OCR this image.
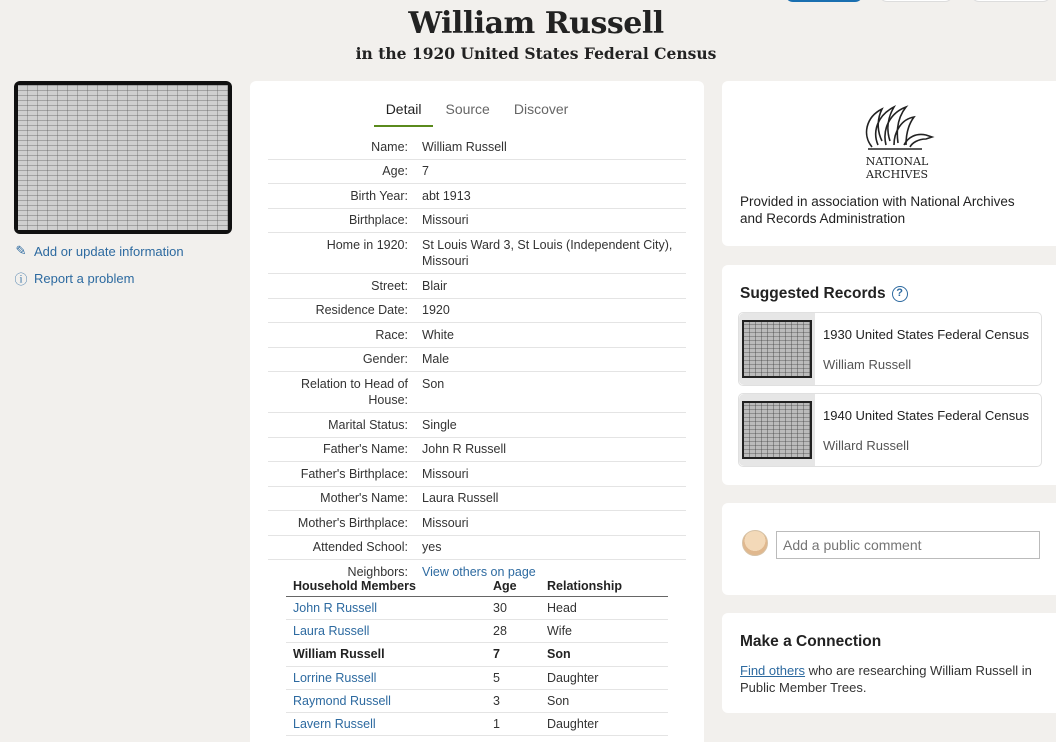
William Russell
in the 1920 United States Federal Census
✎ Add or update information
ⓘ Report a problem
Detail	Source	Discover
Name:	William Russell
Age:	7
Birth Year:	abt 1913
Birthplace:	Missouri
Home in 1920:	St Louis Ward 3, St Louis (Independent City), Missouri
Street:	Blair
Residence Date:	1920
Race:	White
Gender:	Male
Relation to Head of House:
Son
Marital Status:	Single
Father's Name:	John R Russell
Father's Birthplace:	Missouri
Mother's Name:	Laura Russell
Mother's Birthplace:	Missouri
Attended School:	yes
Neighbors:	View others on page
Household Members	Age	Relationship
John R Russell	30	Head
Laura Russell	28	Wife
William Russell	7	Son
Lorrine Russell	5	Daughter
Raymond Russell	3	Son
Lavern Russell	1	Daughter
NATIONAL
ARCHIVES
Provided in association with National Archives and Records Administration
Suggested Records ?
1930 United States Federal Census
William Russell
1940 United States Federal Census
Willard Russell
Add a public comment
Make a Connection

Find others who are researching William Russell in Public Member Trees.
